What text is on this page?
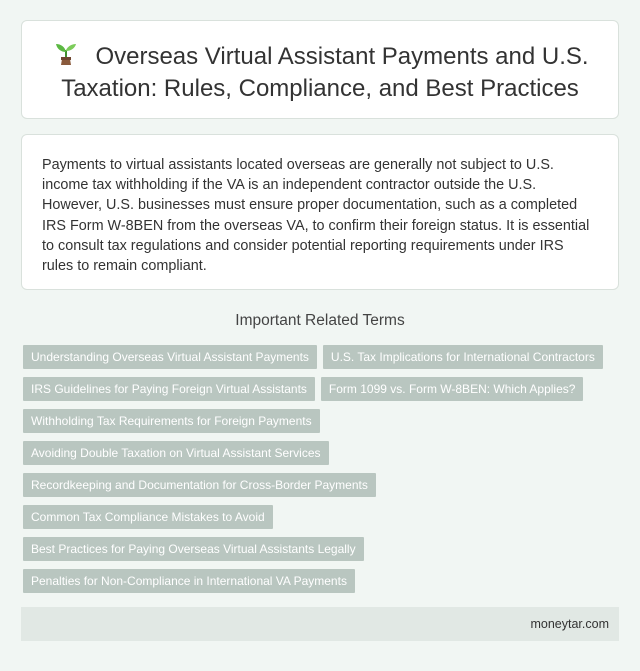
Overseas Virtual Assistant Payments and U.S. Taxation: Rules, Compliance, and Best Practices

Payments to virtual assistants located overseas are generally not subject to U.S. income tax withholding if the VA is an independent contractor outside the U.S. However, U.S. businesses must ensure proper documentation, such as a completed IRS Form W-8BEN from the overseas VA, to confirm their foreign status. It is essential to consult tax regulations and consider potential reporting requirements under IRS rules to remain compliant.

Important Related Terms
Understanding Overseas Virtual Assistant Payments U.S. Tax Implications for International Contractors
IRS Guidelines for Paying Foreign Virtual Assistants Form 1099 vs. Form W-8BEN: Which Applies?
Withholding Tax Requirements for Foreign Payments
Avoiding Double Taxation on Virtual Assistant Services
Recordkeeping and Documentation for Cross-Border Payments
Common Tax Compliance Mistakes to Avoid
Best Practices for Paying Overseas Virtual Assistants Legally
Penalties for Non-Compliance in International VA Payments
moneytar.com
